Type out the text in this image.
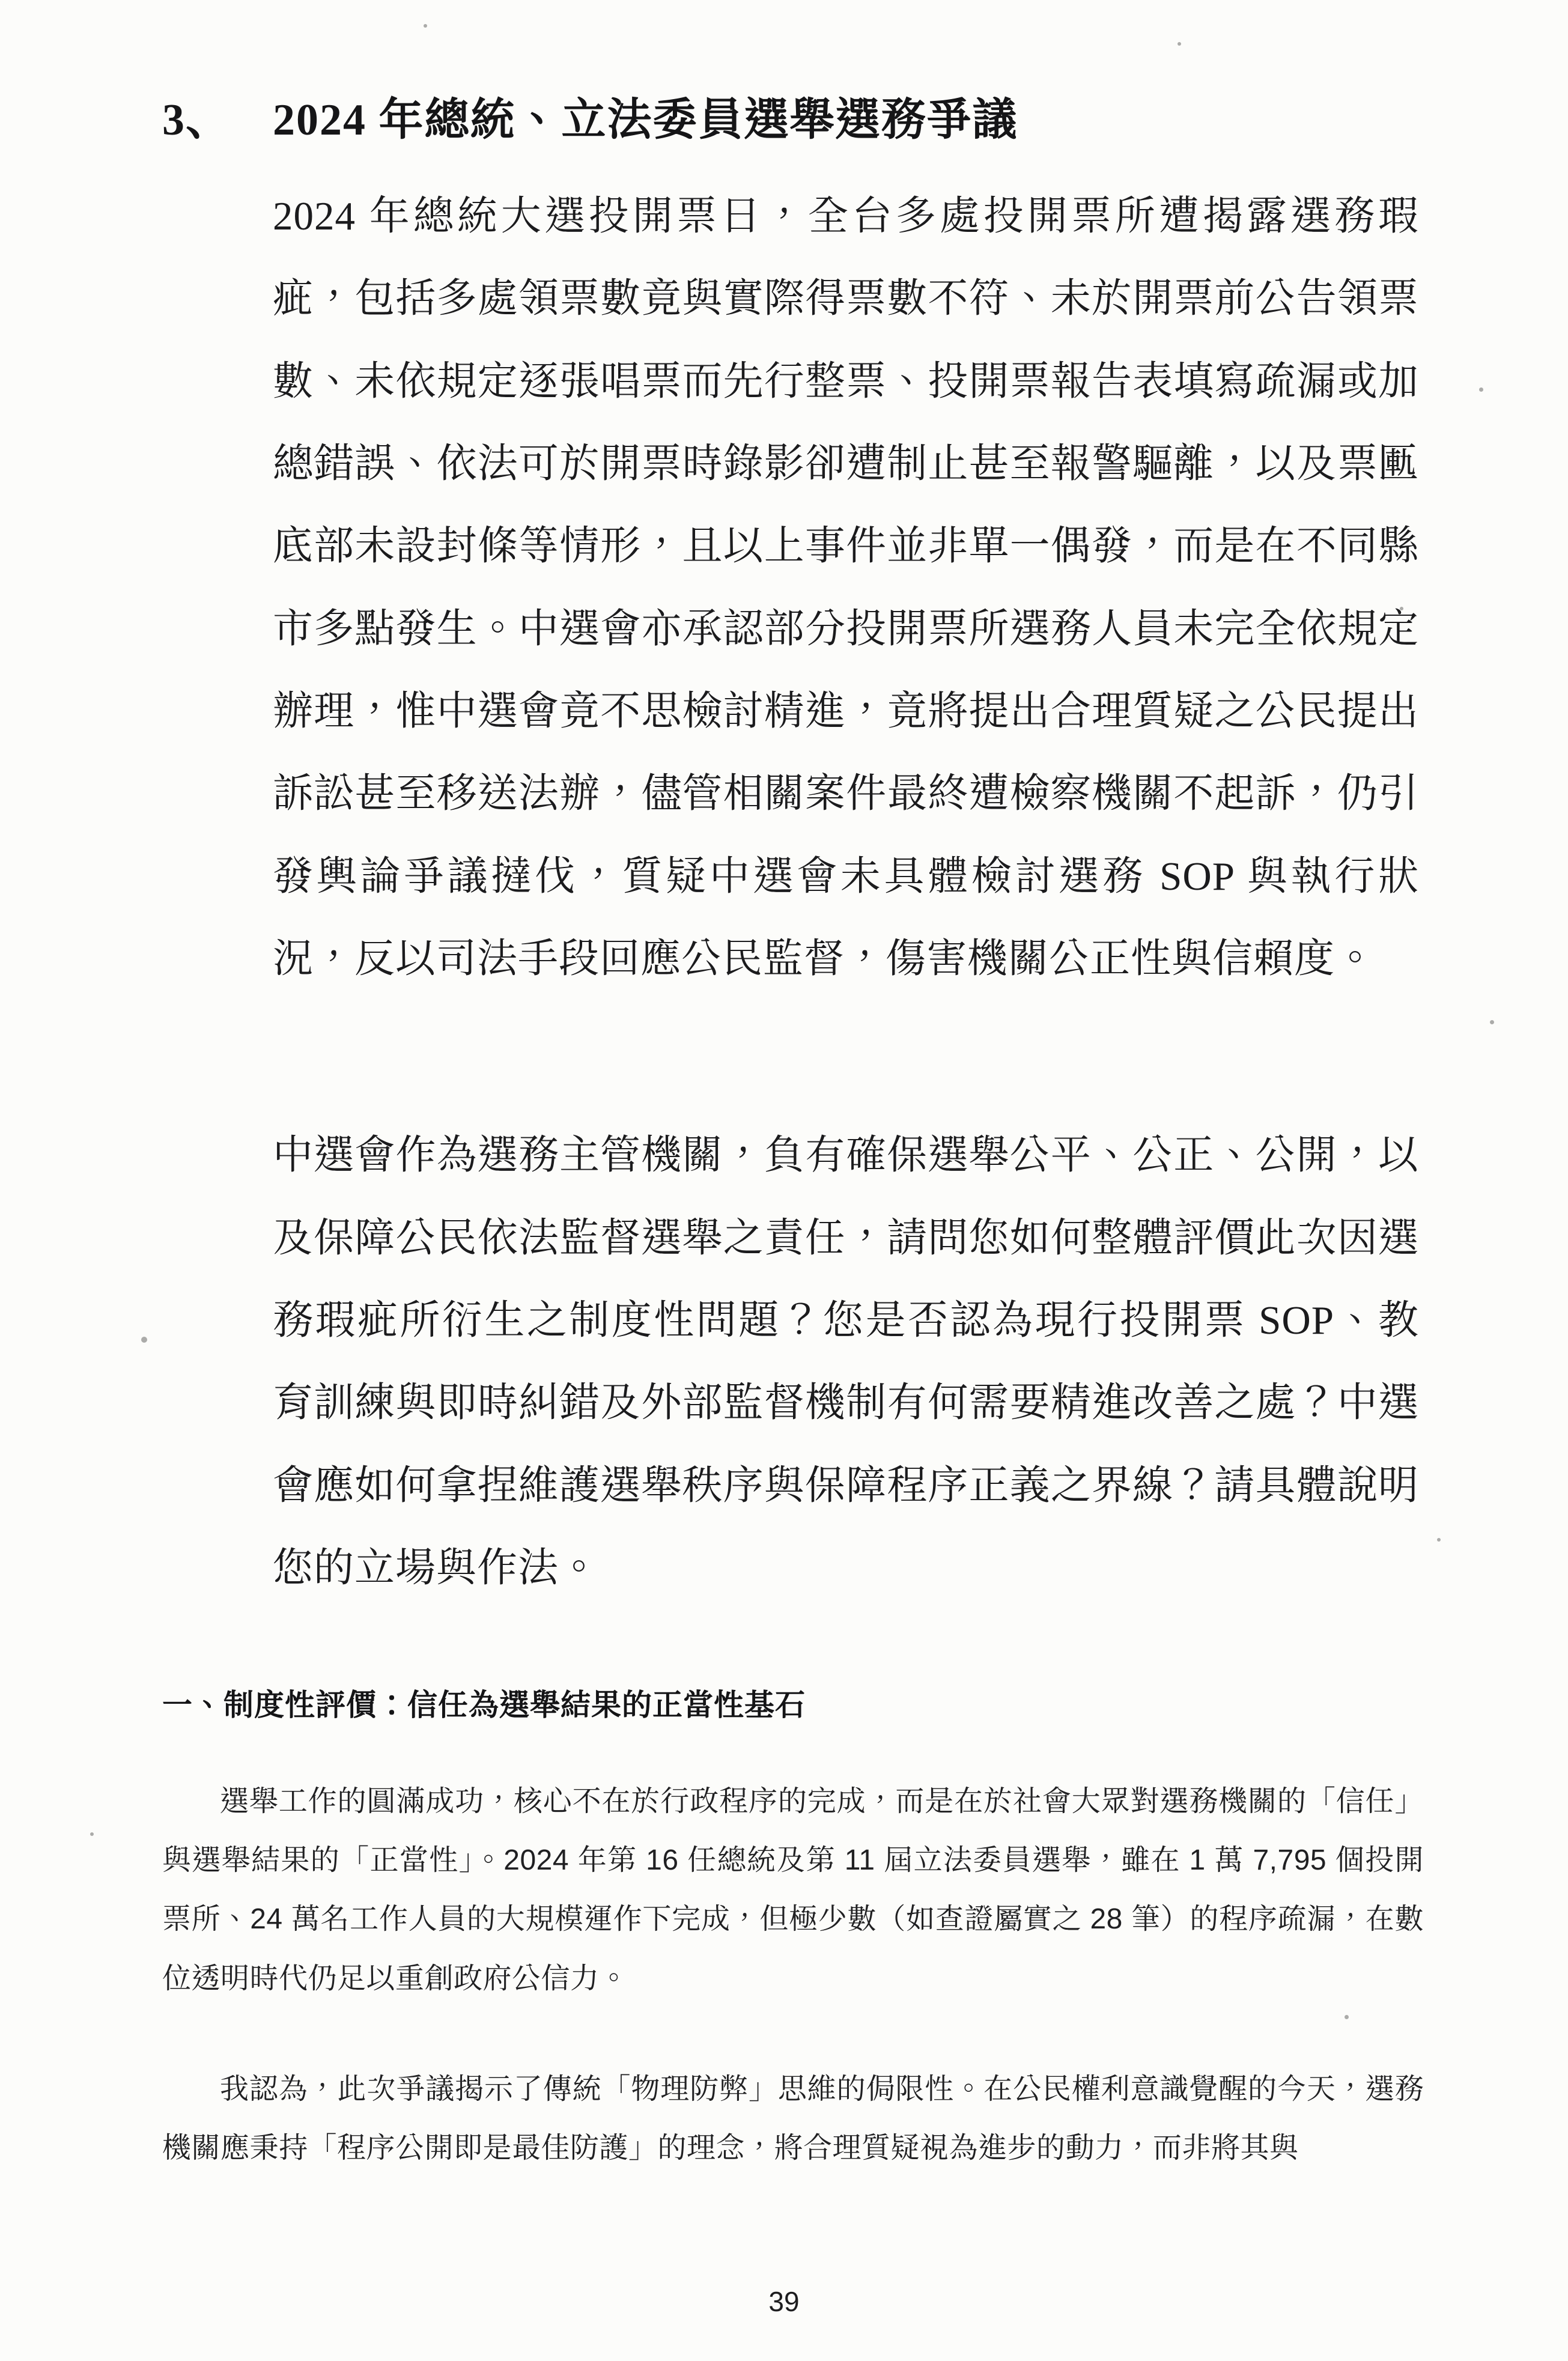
3、 2024 年總統、立法委員選舉選務爭議

2024 年總統大選投開票日，全台多處投開票所遭揭露選務瑕疵，包括多處領票數竟與實際得票數不符、未於開票前公告領票數、未依規定逐張唱票而先行整票、投開票報告表填寫疏漏或加總錯誤、依法可於開票時錄影卻遭制止甚至報警驅離，以及票匭底部未設封條等情形，且以上事件並非單一偶發，而是在不同縣市多點發生。中選會亦承認部分投開票所選務人員未完全依規定辦理，惟中選會竟不思檢討精進，竟將提出合理質疑之公民提出訴訟甚至移送法辦，儘管相關案件最終遭檢察機關不起訴，仍引發輿論爭議撻伐，質疑中選會未具體檢討選務 SOP 與執行狀況，反以司法手段回應公民監督，傷害機關公正性與信賴度。

中選會作為選務主管機關，負有確保選舉公平、公正、公開，以及保障公民依法監督選舉之責任，請問您如何整體評價此次因選務瑕疵所衍生之制度性問題？您是否認為現行投開票 SOP、教育訓練與即時糾錯及外部監督機制有何需要精進改善之處？中選會應如何拿捏維護選舉秩序與保障程序正義之界線？請具體說明您的立場與作法。

一、制度性評價：信任為選舉結果的正當性基石

選舉工作的圓滿成功，核心不在於行政程序的完成，而是在於社會大眾對選務機關的「信任」與選舉結果的「正當性」。2024 年第 16 任總統及第 11 屆立法委員選舉，雖在 1 萬 7,795 個投開票所、24 萬名工作人員的大規模運作下完成，但極少數（如查證屬實之 28 筆）的程序疏漏，在數位透明時代仍足以重創政府公信力。

我認為，此次爭議揭示了傳統「物理防弊」思維的侷限性。在公民權利意識覺醒的今天，選務機關應秉持「程序公開即是最佳防護」的理念，將合理質疑視為進步的動力，而非將其與

39
